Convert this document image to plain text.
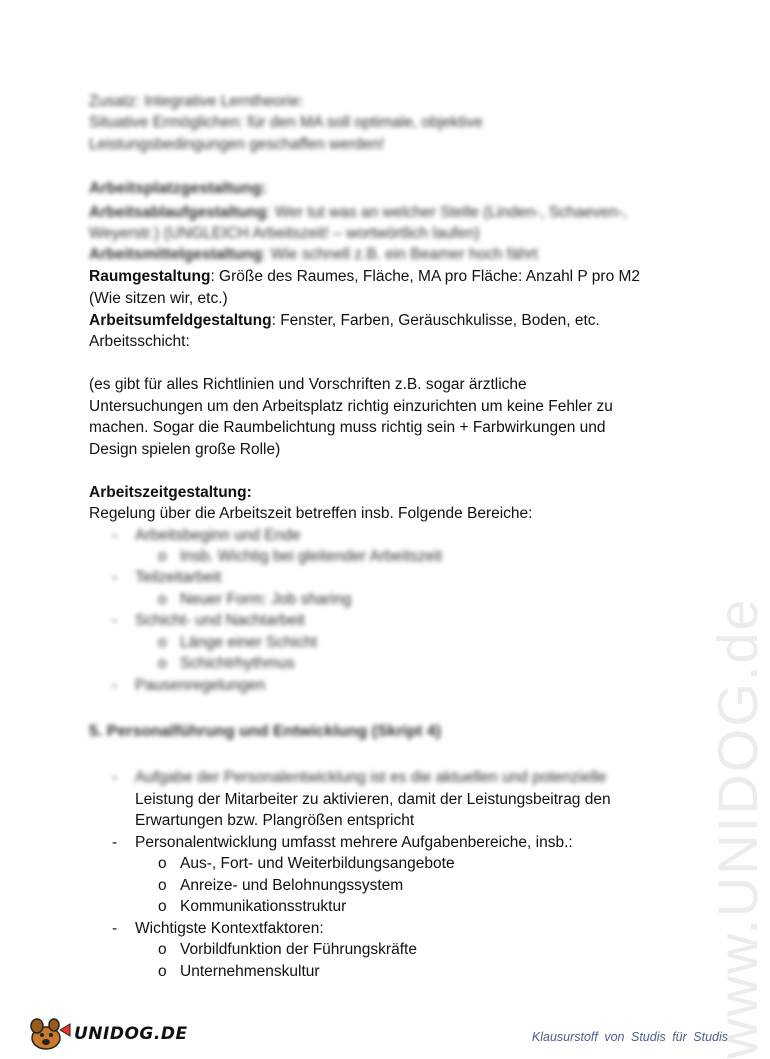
www.UNIDOG.de
Zusatz: Integrative Lerntheorie:
Situative Ermöglichen: für den MA soll optimale, objektive
Leistungsbedingungen geschaffen werden!
Arbeitsplatzgestaltung:
Arbeitsablaufgestaltung: Wer tut was an welcher Stelle (Linden-, Schaeven-,
Weyerstr.) (UNGLEICH Arbeitszeit! – wortwörtlich laufen)
Arbeitsmittelgestaltung: Wie schnell z.B. ein Beamer hoch fährt
Raumgestaltung: Größe des Raumes, Fläche, MA pro Fläche: Anzahl P pro M2
(Wie sitzen wir, etc.)
Arbeitsumfeldgestaltung: Fenster, Farben, Geräuschkulisse, Boden, etc.
Arbeitsschicht:
(es gibt für alles Richtlinien und Vorschriften z.B. sogar ärztliche
Untersuchungen um den Arbeitsplatz richtig einzurichten um keine Fehler zu
machen. Sogar die Raumbelichtung muss richtig sein + Farbwirkungen und
Design spielen große Rolle)
Arbeitszeitgestaltung:
Regelung über die Arbeitszeit betreffen insb. Folgende Bereiche:
- Arbeitsbeginn und Ende
o Insb. Wichtig bei gleitender Arbeitszeit
- Teilzeitarbeit
o Neuer Form: Job sharing
- Schicht- und Nachtarbeit
o Länge einer Schicht
o Schichtrhythmus
- Pausenregelungen
5. Personalführung und Entwicklung (Skript 4)
- Aufgabe der Personalentwicklung ist es die aktuellen und potenzielle
Leistung der Mitarbeiter zu aktivieren, damit der Leistungsbeitrag den
Erwartungen bzw. Plangrößen entspricht
- Personalentwicklung umfasst mehrere Aufgabenbereiche, insb.:
o Aus-, Fort- und Weiterbildungsangebote
o Anreize- und Belohnungssystem
o Kommunikationsstruktur
- Wichtigste Kontextfaktoren:
o Vorbildfunktion der Führungskräfte
o Unternehmenskultur
UNIDOG.DE	Klausurstoff von Studis für Studis
